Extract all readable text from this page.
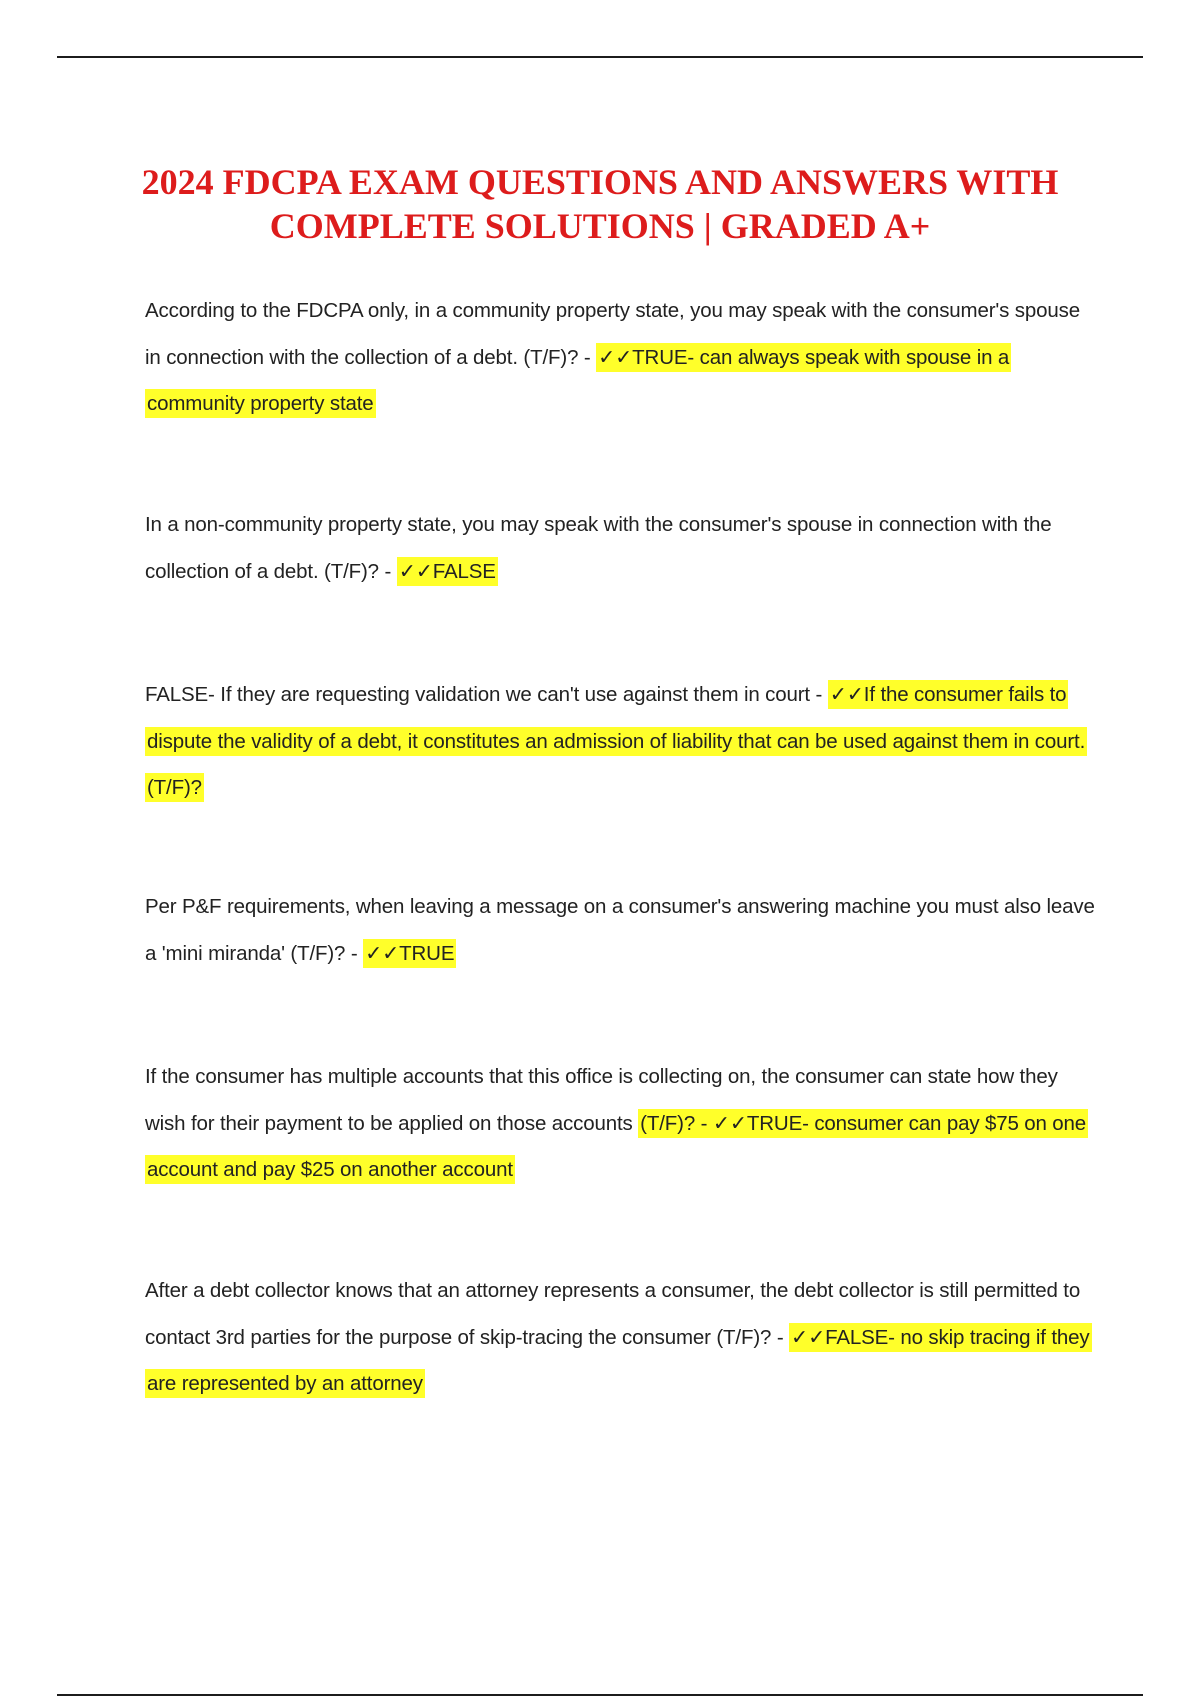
2024 FDCPA EXAM QUESTIONS AND ANSWERS WITH
COMPLETE SOLUTIONS | GRADED A+

According to the FDCPA only, in a community property state, you may speak with the consumer's spouse in connection with the collection of a debt. (T/F)? - ✓✓TRUE- can always speak with spouse in a community property state

In a non-community property state, you may speak with the consumer's spouse in connection with the collection of a debt. (T/F)? - ✓✓FALSE

FALSE- If they are requesting validation we can't use against them in court - ✓✓If the consumer fails to dispute the validity of a debt, it constitutes an admission of liability that can be used against them in court. (T/F)?

Per P&F requirements, when leaving a message on a consumer's answering machine you must also leave a 'mini miranda' (T/F)? - ✓✓TRUE

If the consumer has multiple accounts that this office is collecting on, the consumer can state how they wish for their payment to be applied on those accounts (T/F)? - ✓✓TRUE- consumer can pay $75 on one account and pay $25 on another account

After a debt collector knows that an attorney represents a consumer, the debt collector is still permitted to contact 3rd parties for the purpose of skip-tracing the consumer (T/F)? - ✓✓FALSE- no skip tracing if they are represented by an attorney
